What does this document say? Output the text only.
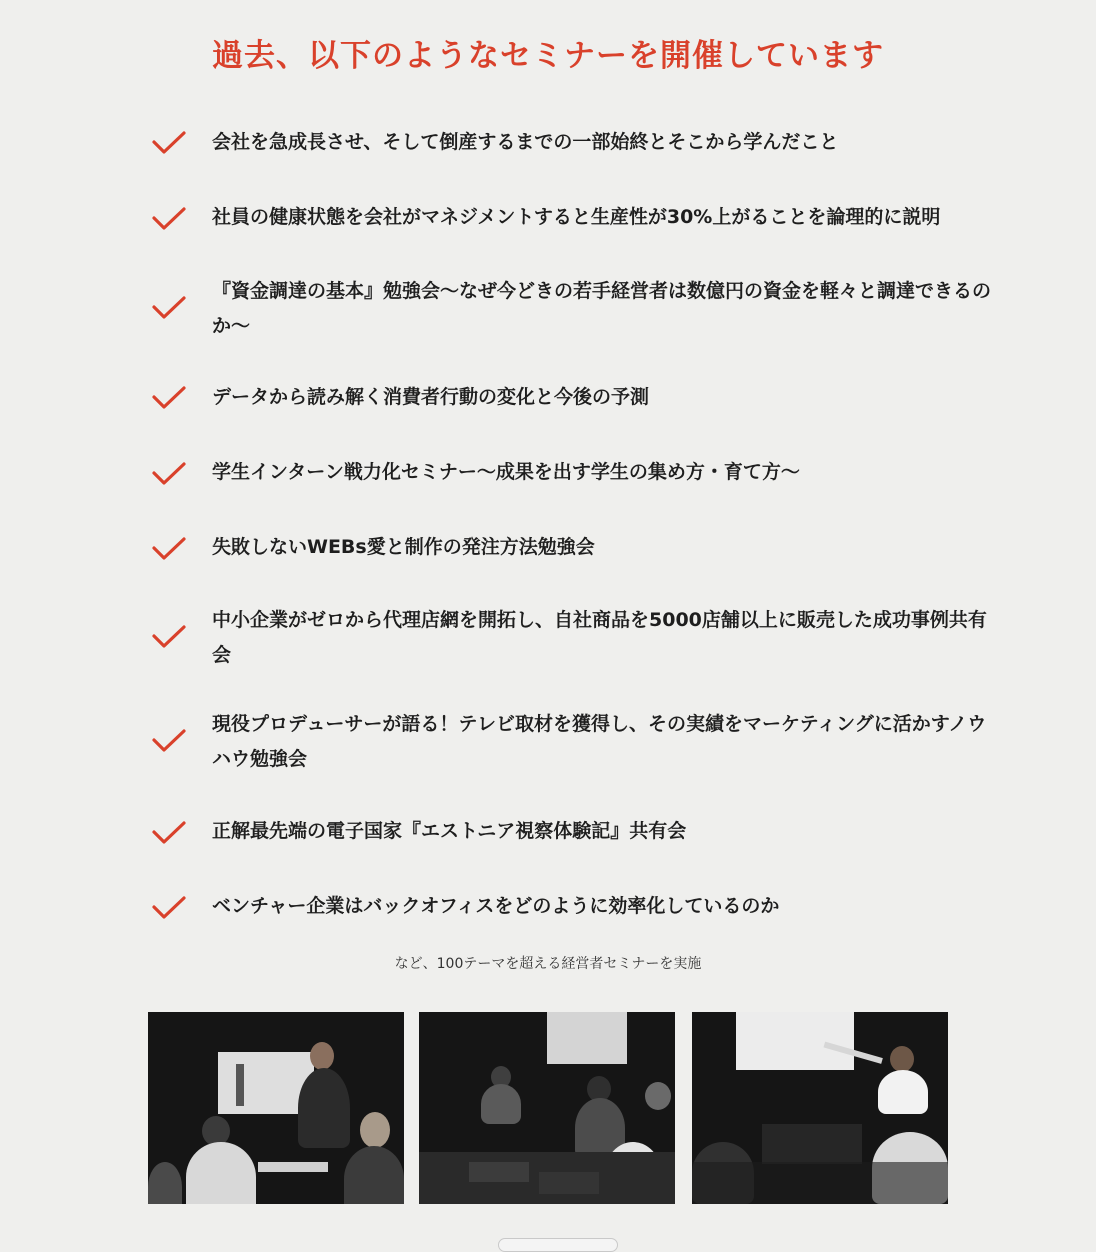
過去、以下のようなセミナーを開催しています
会社を急成長させ、そして倒産するまでの一部始終とそこから学んだこと
社員の健康状態を会社がマネジメントすると生産性が30%上がることを論理的に説明
『資金調達の基本』勉強会〜なぜ今どきの若手経営者は数億円の資金を軽々と調達できるのか〜
データから読み解く消費者行動の変化と今後の予測
学生インターン戦力化セミナー〜成果を出す学生の集め方・育て方〜
失敗しないWEBs愛と制作の発注方法勉強会
中小企業がゼロから代理店網を開拓し、自社商品を5000店舗以上に販売した成功事例共有会
現役プロデューサーが語る！テレビ取材を獲得し、その実績をマーケティングに活かすノウハウ勉強会
正解最先端の電子国家『エストニア視察体験記』共有会
ベンチャー企業はバックオフィスをどのように効率化しているのか
など、100テーマを超える経営者セミナーを実施
